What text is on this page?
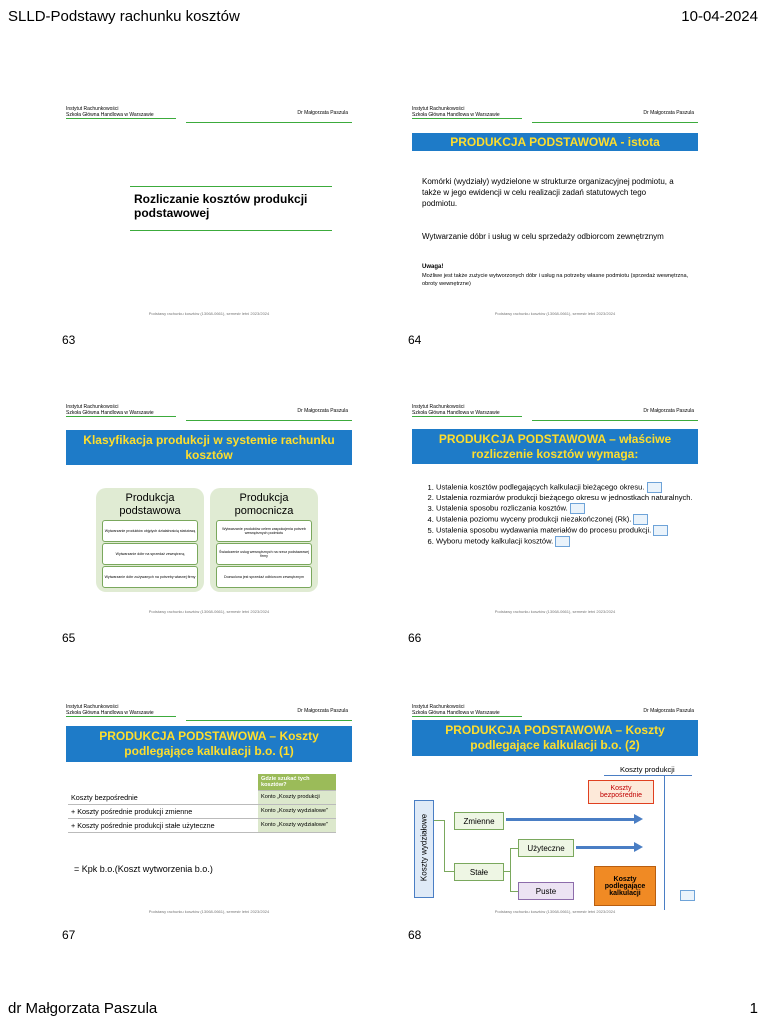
SLLD-Podstawy rachunku kosztów	10-04-2024
Instytut Rachunkowości
Szkoła Główna Handlowa w Warszawie	Dr Małgorzata Paszula
Rozliczanie kosztów produkcji podstawowej
Podstawy rachunku kosztów (13068-0661), semestr letni 2023/2024
63
Instytut Rachunkowości
Szkoła Główna Handlowa w Warszawie	Dr Małgorzata Paszula
PRODUKCJA PODSTAWOWA - istota
Komórki (wydziały) wydzielone w strukturze organizacyjnej podmiotu, a także w jego ewidencji w celu realizacji zadań statutowych tego podmiotu.
Wytwarzanie dóbr i usług w celu sprzedaży odbiorcom zewnętrznym
Uwaga!
Możliwe jest także zużycie wytworzonych dóbr i usług na potrzeby własne podmiotu (sprzedaż wewnętrzna, obroty wewnętrzne)
Podstawy rachunku kosztów (13068-0661), semestr letni 2023/2024
64
Instytut Rachunkowości
Szkoła Główna Handlowa w Warszawie	Dr Małgorzata Paszula
Klasyfikacja produkcji w systemie rachunku kosztów
Produkcja podstawowa
Wytwarzanie produktów objętych działalnością statutową
Wytwarzanie dóbr na sprzedaż zewnętrzną
Wytwarzanie dóbr zużywanych na potrzeby własnej firmy
Produkcja pomocnicza
Wytwarzanie produktów celem zaspokojenia potrzeb wewnętrznych podmiotu
Świadczenie usług wewnętrznych na rzecz podstawowej firmy
Dozwolona jest sprzedaż odbiorcom zewnętrznym
Podstawy rachunku kosztów (13068-0661), semestr letni 2023/2024
65
Instytut Rachunkowości
Szkoła Główna Handlowa w Warszawie	Dr Małgorzata Paszula
PRODUKCJA PODSTAWOWA – właściwe rozliczenie kosztów wymaga:
1. Ustalenia kosztów podlegających kalkulacji bieżącego okresu.
2. Ustalenia rozmiarów produkcji bieżącego okresu w jednostkach naturalnych.
3. Ustalenia sposobu rozliczania kosztów.
4. Ustalenia poziomu wyceny produkcji niezakończonej (Rk).
5. Ustalenia sposobu wydawania materiałów do procesu produkcji.
6. Wyboru metody kalkulacji kosztów.
Podstawy rachunku kosztów (13068-0661), semestr letni 2023/2024
66
Instytut Rachunkowości
Szkoła Główna Handlowa w Warszawie	Dr Małgorzata Paszula
PRODUKCJA PODSTAWOWA – Koszty podlegające kalkulacji b.o. (1)
	Gdzie szukać tych kosztów?
Koszty bezpośrednie	Konto „Koszty produkcji
+ Koszty pośrednie produkcji zmienne	Konto „Koszty wydziałowe"
+ Koszty pośrednie produkcji stałe użyteczne	Konto „Koszty wydziałowe"
= Kpk b.o.(Koszt wytworzenia b.o.)
Podstawy rachunku kosztów (13068-0661), semestr letni 2023/2024
67
Instytut Rachunkowości
Szkoła Główna Handlowa w Warszawie	Dr Małgorzata Paszula
PRODUKCJA PODSTAWOWA – Koszty podlegające kalkulacji b.o. (2)
Koszty produkcji
Koszty wydziałowe	Zmienne
Stałe
Użyteczne
Puste
Koszty bezpośrednie
Koszty podlegające kalkulacji
Podstawy rachunku kosztów (13068-0661), semestr letni 2023/2024
68
dr Małgorzata Paszula	1
